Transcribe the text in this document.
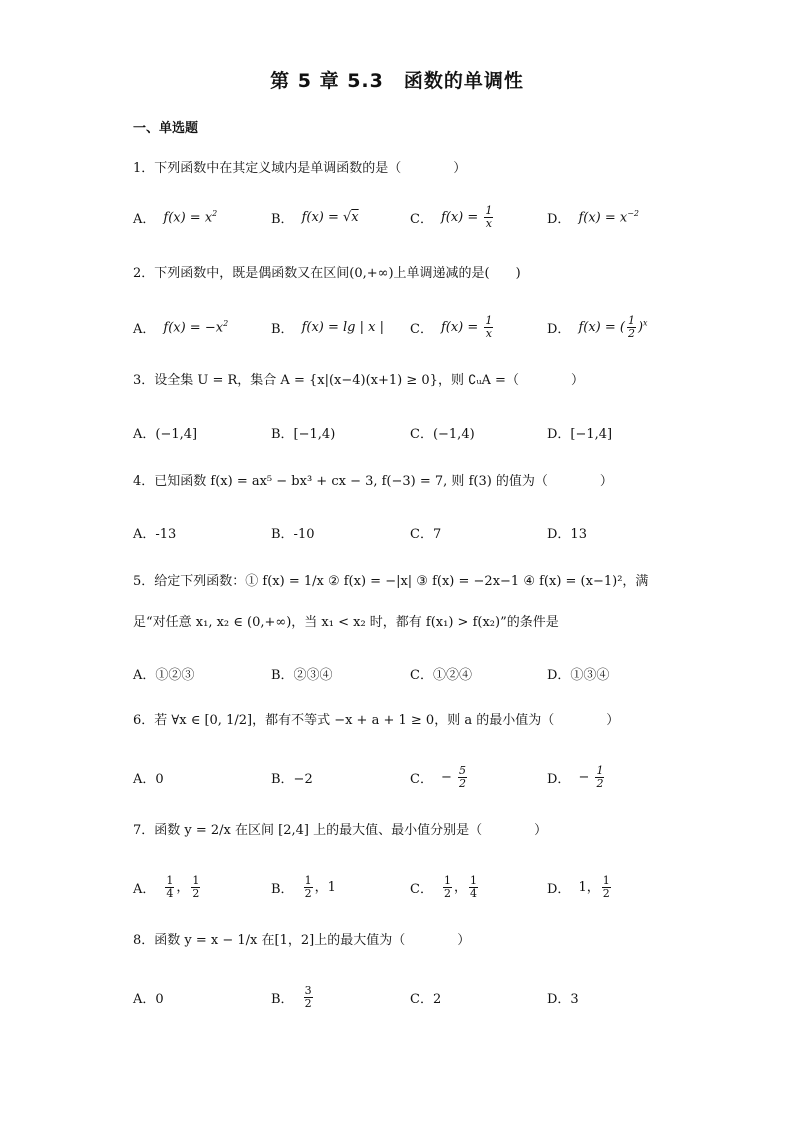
第 5 章 5.3　函数的单调性
一、单选题
1．下列函数中在其定义域内是单调函数的是（　　　　）
A． $f(x) = x^2$	B． f(x) = √x	C． $f(x) = \frac{1}{x}$	D． $f(x) = x^{-2}$
2．下列函数中，既是偶函数又在区间(0,+∞)上单调递减的是(　　)
A． $f(x) = -x^2$	B． f(x) = lg | x | C． $f(x) = \frac{1}{x}$	D． f(x) = ( $\frac{1}{2} )^x$
3．设全集 U = R，集合 A = {x|(x−4)(x+1) ≥ 0}，则 ∁ᵤA =（　　　　）
A．(−1,4]	B．[−1,4)	C．(−1,4)	D．[−1,4]
4．已知函数 f(x) = ax⁵ − bx³ + cx − 3, f(−3) = 7, 则 f(3) 的值为（　　　　）
A．-13	B．-10	C．7	D．13
5．给定下列函数：① f(x) = 1/x ② f(x) = −|x| ③ f(x) = −2x−1 ④ f(x) = (x−1)²，满
足“对任意 x₁, x₂ ∈ (0,+∞)，当 x₁ < x₂ 时，都有 f(x₁) > f(x₂)”的条件是
A．①②③	B．②③④	C．①②④	D．①③④
6．若 ∀x ∈ [0, 1/2]，都有不等式 −x + a + 1 ≥ 0，则 a 的最小值为（　　　　）
A．0	B．−2	C． − $\frac{5}{2}$	D． − $\frac{1}{2}$
7．函数 y = 2/x 在区间 [2,4] 上的最大值、最小值分别是（　　　　）
A． $\frac{1}{4}$ ， $\frac{1}{2}$	B． $\frac{1}{2}$ ，1	C． $\frac{1}{2}$ ， $\frac{1}{4}$	D． 1， $\frac{1}{2}$
8．函数 y = x − 1/x 在[1，2]上的最大值为（　　　　）
A．0	B． $\frac{3}{2}$	C．2	D．3
